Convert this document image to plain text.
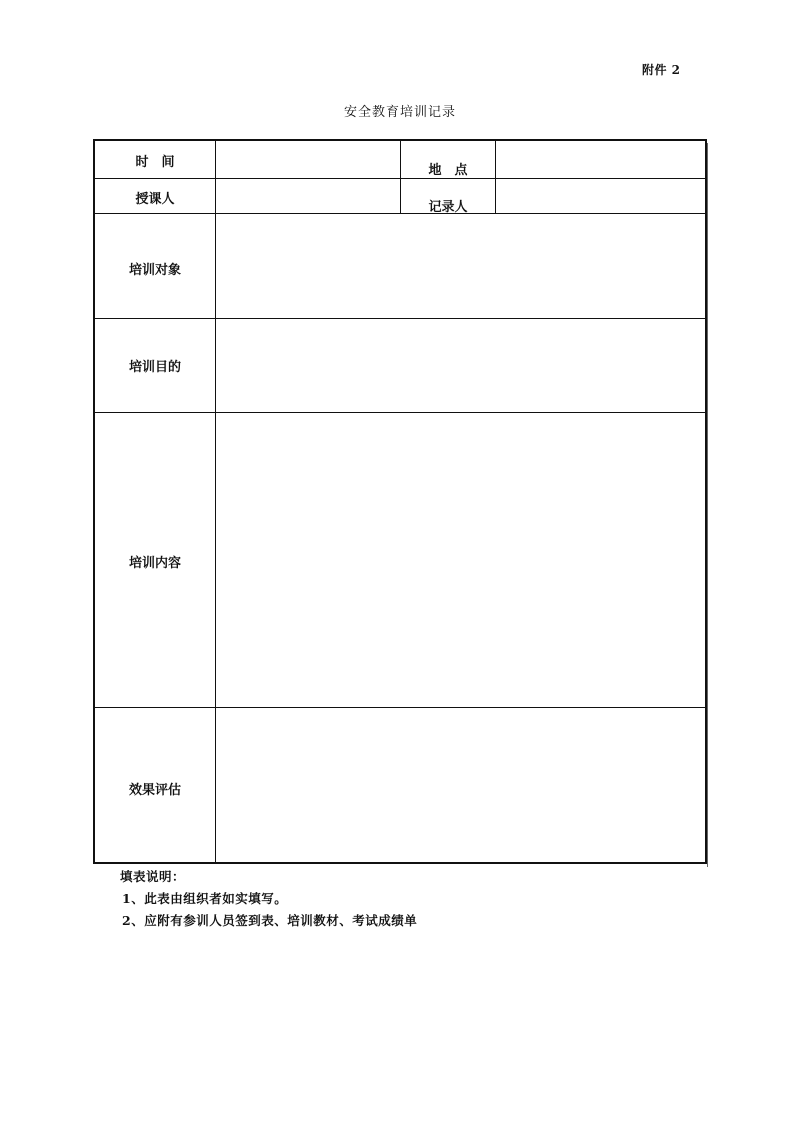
附件 2
安全教育培训记录
时　间
地　点
授课人
记录人
培训对象
培训目的
培训内容
效果评估
填表说明：
1、此表由组织者如实填写。
2、应附有参训人员签到表、培训教材、考试成绩单
